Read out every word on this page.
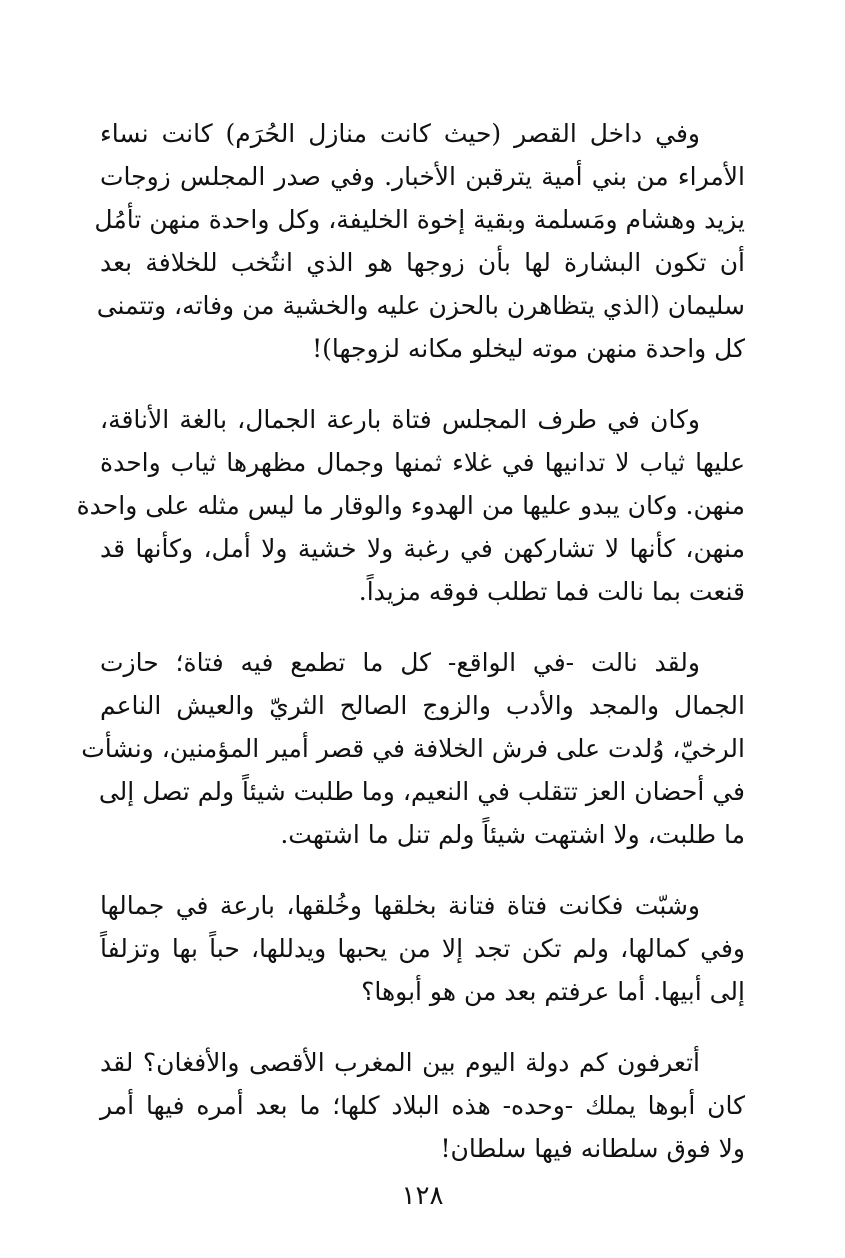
وفي داخل القصر (حيث كانت منازل الحُرَم) كانت نساء
الأمراء من بني أمية يترقبن الأخبار. وفي صدر المجلس زوجات
يزيد وهشام ومَسلمة وبقية إخوة الخليفة، وكل واحدة منهن تأمُل
أن تكون البشارة لها بأن زوجها هو الذي انتُخب للخلافة بعد
سليمان (الذي يتظاهرن بالحزن عليه والخشية من وفاته، وتتمنى
كل واحدة منهن موته ليخلو مكانه لزوجها)!

وكان في طرف المجلس فتاة بارعة الجمال، بالغة الأناقة،
عليها ثياب لا تدانيها في غلاء ثمنها وجمال مظهرها ثياب واحدة
منهن. وكان يبدو عليها من الهدوء والوقار ما ليس مثله على واحدة
منهن، كأنها لا تشاركهن في رغبة ولا خشية ولا أمل، وكأنها قد
قنعت بما نالت فما تطلب فوقه مزيداً.

ولقد نالت -في الواقع- كل ما تطمع فيه فتاة؛ حازت
الجمال والمجد والأدب والزوج الصالح الثريّ والعيش الناعم
الرخيّ، وُلدت على فرش الخلافة في قصر أمير المؤمنين، ونشأت
في أحضان العز تتقلب في النعيم، وما طلبت شيئاً ولم تصل إلى
ما طلبت، ولا اشتهت شيئاً ولم تنل ما اشتهت.

وشبّت فكانت فتاة فتانة بخلقها وخُلقها، بارعة في جمالها
وفي كمالها، ولم تكن تجد إلا من يحبها ويدللها، حباً بها وتزلفاً
إلى أبيها. أما عرفتم بعد من هو أبوها؟

أتعرفون كم دولة اليوم بين المغرب الأقصى والأفغان؟ لقد
كان أبوها يملك -وحده- هذه البلاد كلها؛ ما بعد أمره فيها أمر
ولا فوق سلطانه فيها سلطان!

١٢٨
